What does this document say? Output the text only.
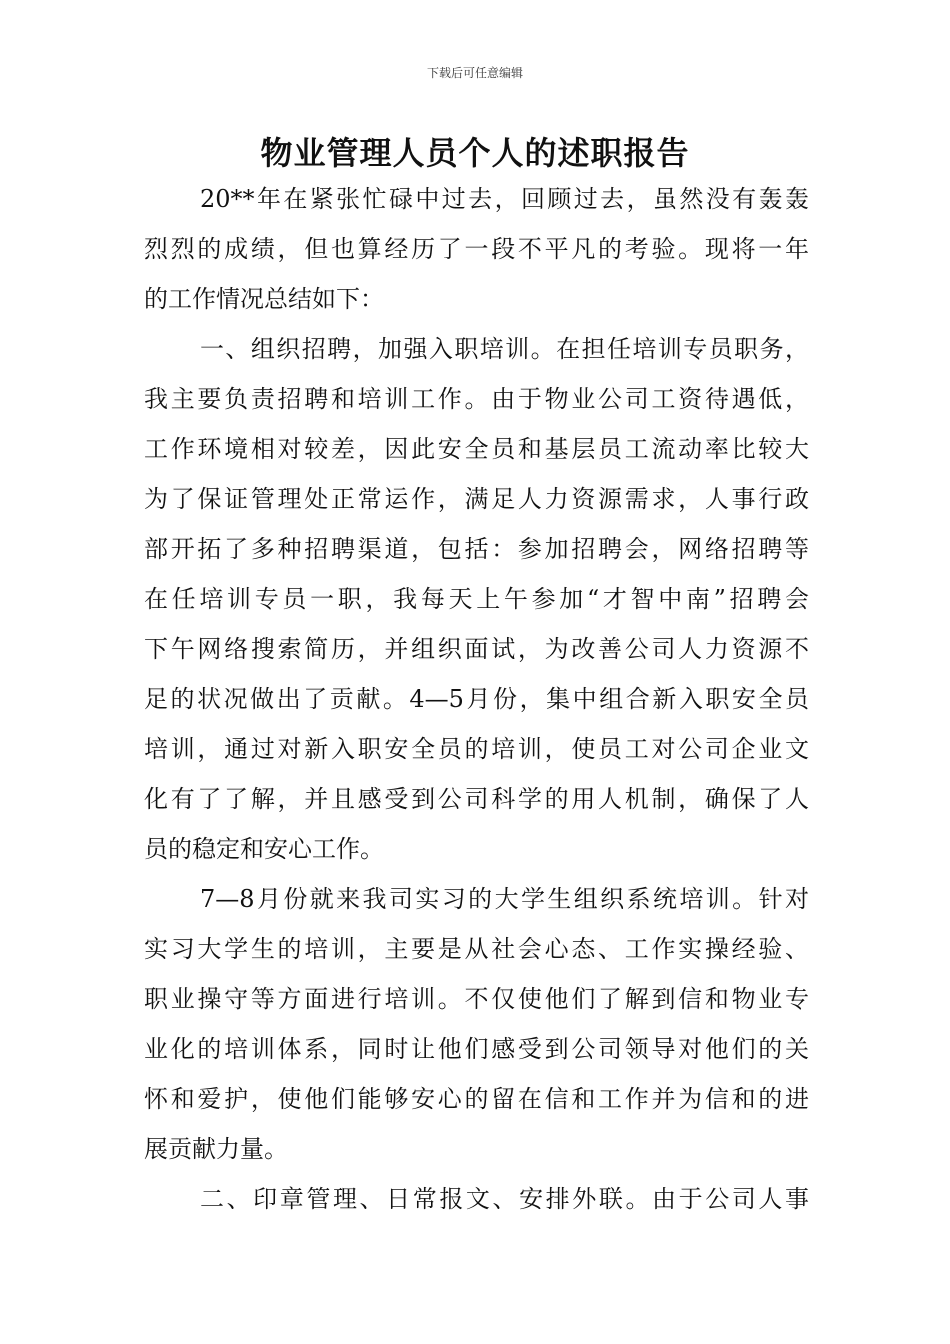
下载后可任意编辑
物业管理人员个人的述职报告
20**年在紧张忙碌中过去，回顾过去，虽然没有轰轰
烈烈的成绩，但也算经历了一段不平凡的考验。现将一年
的工作情况总结如下：
一、组织招聘，加强入职培训。在担任培训专员职务，
我主要负责招聘和培训工作。由于物业公司工资待遇低，
工作环境相对较差，因此安全员和基层员工流动率比较大
为了保证管理处正常运作，满足人力资源需求，人事行政
部开拓了多种招聘渠道，包括：参加招聘会，网络招聘等
在任培训专员一职，我每天上午参加“才智中南”招聘会
下午网络搜索简历，并组织面试，为改善公司人力资源不
足的状况做出了贡献。4—5月份，集中组合新入职安全员
培训，通过对新入职安全员的培训，使员工对公司企业文
化有了了解，并且感受到公司科学的用人机制，确保了人
员的稳定和安心工作。
7—8月份就来我司实习的大学生组织系统培训。针对
实习大学生的培训，主要是从社会心态、工作实操经验、
职业操守等方面进行培训。不仅使他们了解到信和物业专
业化的培训体系，同时让他们感受到公司领导对他们的关
怀和爱护，使他们能够安心的留在信和工作并为信和的进
展贡献力量。
二、印章管理、日常报文、安排外联。由于公司人事
